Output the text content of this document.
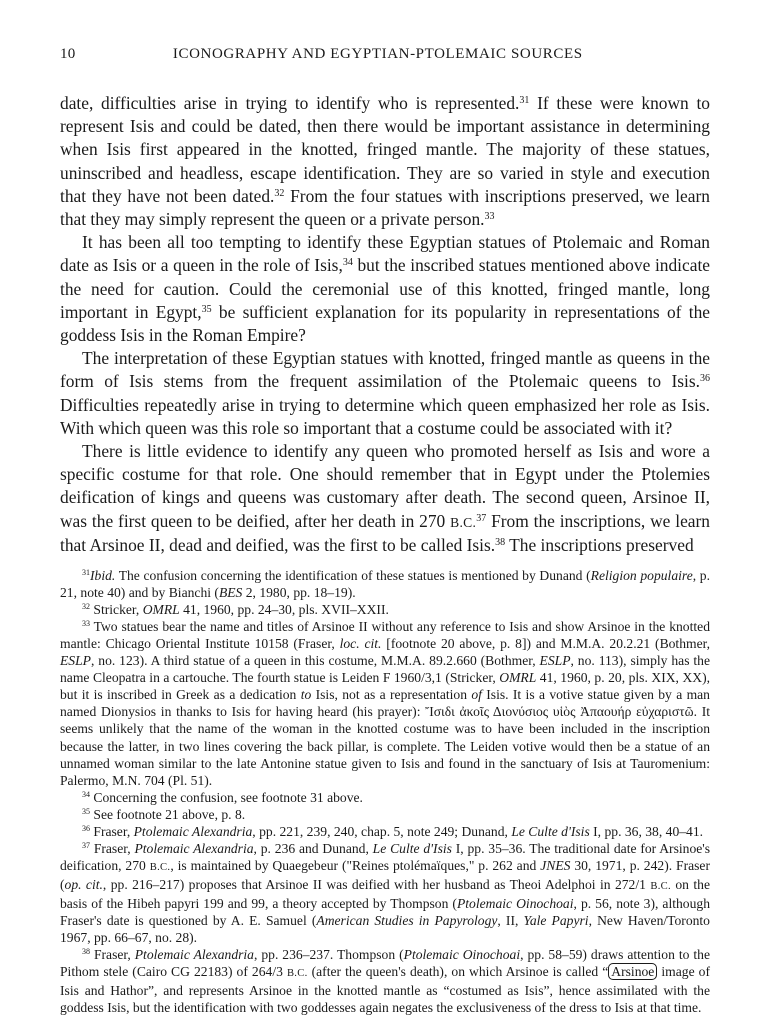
10	ICONOGRAPHY AND EGYPTIAN-PTOLEMAIC SOURCES

date, difficulties arise in trying to identify who is represented.$^{31}$ If these were known to represent Isis and could be dated, then there would be important assistance in determining when Isis first appeared in the knotted, fringed mantle. The majority of these statues, uninscribed and headless, escape identification. They are so varied in style and execution that they have not been dated.$^{32}$ From the four statues with inscriptions preserved, we learn that they may simply represent the queen or a private person.$^{33}$

It has been all too tempting to identify these Egyptian statues of Ptolemaic and Roman date as Isis or a queen in the role of Isis,$^{34}$ but the inscribed statues mentioned above indicate the need for caution. Could the ceremonial use of this knotted, fringed mantle, long important in Egypt,$^{35}$ be sufficient explanation for its popularity in representations of the goddess Isis in the Roman Empire?

The interpretation of these Egyptian statues with knotted, fringed mantle as queens in the form of Isis stems from the frequent assimilation of the Ptolemaic queens to Isis.$^{36}$ Difficulties repeatedly arise in trying to determine which queen emphasized her role as Isis. With which queen was this role so important that a costume could be associated with it?

There is little evidence to identify any queen who promoted herself as Isis and wore a specific costume for that role. One should remember that in Egypt under the Ptolemies deification of kings and queens was customary after death. The second queen, Arsinoe II, was the first queen to be deified, after her death in 270 B.C.$^{37}$ From the inscriptions, we learn that Arsinoe II, dead and deified, was the first to be called Isis.$^{38}$ The inscriptions preserved

$^{31}$Ibid. The confusion concerning the identification of these statues is mentioned by Dunand (Religion populaire, p. 21, note 40) and by Bianchi (BES 2, 1980, pp. 18–19).

$^{32}$ Stricker, OMRL 41, 1960, pp. 24–30, pls. XVII–XXII.

$^{33}$ Two statues bear the name and titles of Arsinoe II without any reference to Isis and show Arsinoe in the knotted mantle: Chicago Oriental Institute 10158 (Fraser, loc. cit. [footnote 20 above, p. 8]) and M.M.A. 20.2.21 (Bothmer, ESLP, no. 123). A third statue of a queen in this costume, M.M.A. 89.2.660 (Bothmer, ESLP, no. 113), simply has the name Cleopatra in a cartouche. The fourth statue is Leiden F 1960/3,1 (Stricker, OMRL 41, 1960, p. 20, pls. XIX, XX), but it is inscribed in Greek as a dedication to Isis, not as a representation of Isis. It is a votive statue given by a man named Dionysios in thanks to Isis for having heard (his prayer): Ἴσιδι ἀκοῖς Διονύσιος υἱὸς Ἀπαουήρ εὐχαριστῶ. It seems unlikely that the name of the woman in the knotted costume was to have been included in the inscription because the latter, in two lines covering the back pillar, is complete. The Leiden votive would then be a statue of an unnamed woman similar to the late Antonine statue given to Isis and found in the sanctuary of Isis at Tauromenium: Palermo, M.N. 704 (Pl. 51).

$^{34}$ Concerning the confusion, see footnote 31 above.

$^{35}$ See footnote 21 above, p. 8.

$^{36}$ Fraser, Ptolemaic Alexandria, pp. 221, 239, 240, chap. 5, note 249; Dunand, Le Culte d'Isis I, pp. 36, 38, 40–41.

$^{37}$ Fraser, Ptolemaic Alexandria, p. 236 and Dunand, Le Culte d'Isis I, pp. 35–36. The traditional date for Arsinoe's deification, 270 B.C., is maintained by Quaegebeur ("Reines ptolémaïques," p. 262 and JNES 30, 1971, p. 242). Fraser (op. cit., pp. 216–217) proposes that Arsinoe II was deified with her husband as Theoi Adelphoi in 272/1 B.C. on the basis of the Hibeh papyri 199 and 99, a theory accepted by Thompson (Ptolemaic Oinochoai, p. 56, note 3), although Fraser's date is questioned by A. E. Samuel (American Studies in Papyrology, II, Yale Papyri, New Haven/Toronto 1967, pp. 66–67, no. 28).

$^{38}$ Fraser, Ptolemaic Alexandria, pp. 236–237. Thompson (Ptolemaic Oinochoai, pp. 58–59) draws attention to the Pithom stele (Cairo CG 22183) of 264/3 B.C. (after the queen's death), on which Arsinoe is called “ Arsinoe image of Isis and Hathor”, and represents Arsinoe in the knotted mantle as “costumed as Isis”, hence assimilated with the goddess Isis, but the identification with two goddesses again negates the exclusiveness of the dress to Isis at that time.
